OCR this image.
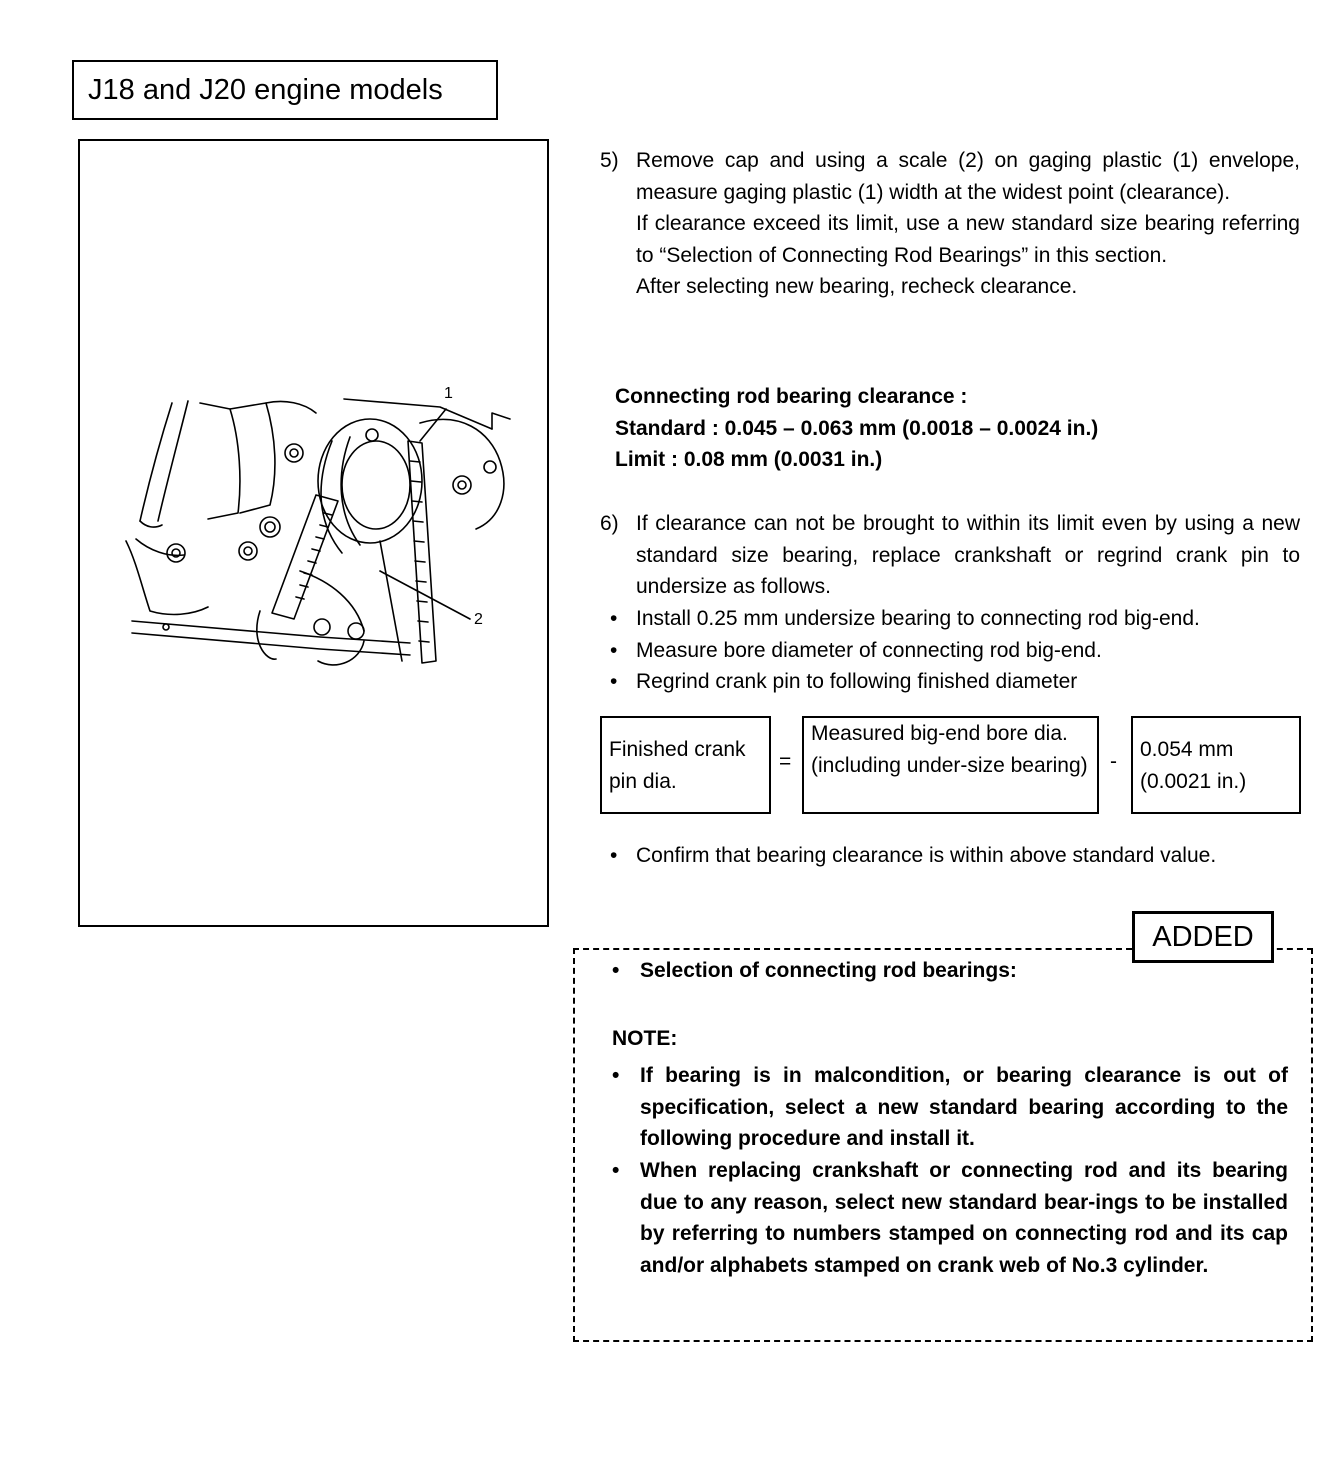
J18 and J20 engine models
1
2
5) Remove cap and using a scale (2) on gaging plastic (1) envelope, measure gaging plastic (1) width at the widest point (clearance).

If clearance exceed its limit, use a new standard size bearing referring to “Selection of Connecting Rod Bearings” in this section.

After selecting new bearing, recheck clearance.

Connecting rod bearing clearance :
Standard : 0.045 – 0.063 mm (0.0018 – 0.0024 in.)
Limit : 0.08 mm (0.0031 in.)
6) If clearance can not be brought to within its limit even by using a new standard size bearing, replace crankshaft or regrind crank pin to undersize as follows.

• Install 0.25 mm undersize bearing to connecting rod big-end.
• Measure bore diameter of connecting rod big-end.
• Regrind crank pin to following finished diameter
Finished crank pin dia.
=
Measured big-end bore dia. (including under-size bearing)	-
0.054 mm (0.0021 in.)
• Confirm that bearing clearance is within above standard value.
ADDED
• Selection of connecting rod bearings:
NOTE:
• If bearing is in malcondition, or bearing clearance is out of specification, select a new standard bearing according to the following procedure and install it.
• When replacing crankshaft or connecting rod and its bearing due to any reason, select new standard bear-ings to be installed by referring to numbers stamped on connecting rod and its cap and/or alphabets stamped on crank web of No.3 cylinder.
